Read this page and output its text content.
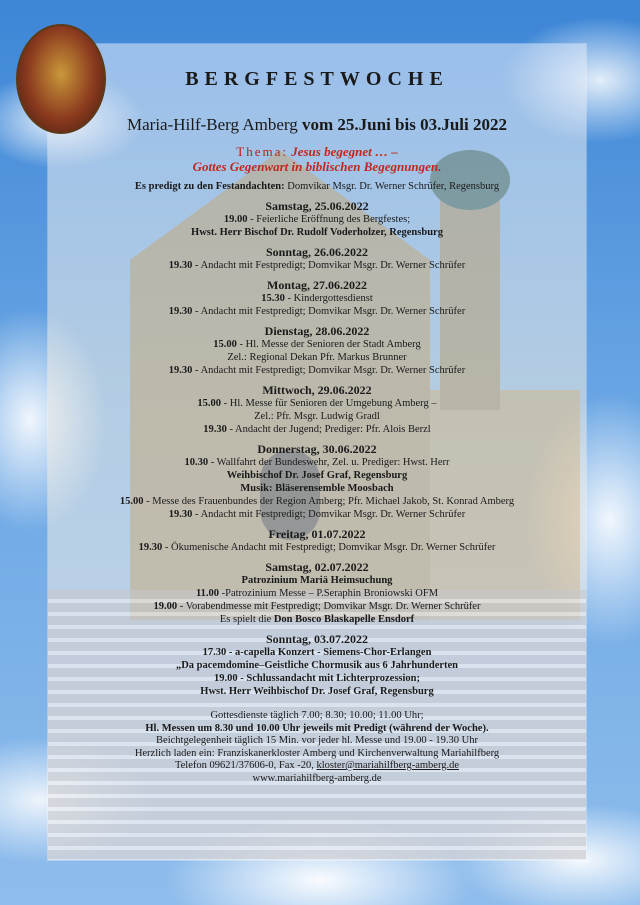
BERGFESTWOCHE
Maria-Hilf-Berg Amberg vom 25.Juni bis 03.Juli 2022
Thema: Jesus begegnet … –
Gottes Gegenwart in biblischen Begegnungen.
Es predigt zu den Festandachten: Domvikar Msgr. Dr. Werner Schrüfer, Regensburg
Samstag, 25.06.2022
19.00 - Feierliche Eröffnung des Bergfestes;
Hwst. Herr Bischof Dr. Rudolf Voderholzer, Regensburg
Sonntag, 26.06.2022
19.30 - Andacht mit Festpredigt; Domvikar Msgr. Dr. Werner Schrüfer
Montag, 27.06.2022
15.30 - Kindergottesdienst
19.30 - Andacht mit Festpredigt; Domvikar Msgr. Dr. Werner Schrüfer
Dienstag, 28.06.2022
15.00 - Hl. Messe der Senioren der Stadt Amberg
Zel.: Regional Dekan Pfr. Markus Brunner
19.30 - Andacht mit Festpredigt; Domvikar Msgr. Dr. Werner Schrüfer
Mittwoch, 29.06.2022
15.00 - Hl. Messe für Senioren der Umgebung Amberg –
Zel.: Pfr. Msgr. Ludwig Gradl
19.30 - Andacht der Jugend; Prediger: Pfr. Alois Berzl
Donnerstag, 30.06.2022
10.30 - Wallfahrt der Bundeswehr, Zel. u. Prediger: Hwst. Herr
Weihbischof Dr. Josef Graf, Regensburg
Musik: Bläserensemble Moosbach
15.00 - Messe des Frauenbundes der Region Amberg; Pfr. Michael Jakob, St. Konrad Amberg
19.30 - Andacht mit Festpredigt; Domvikar Msgr. Dr. Werner Schrüfer
Freitag, 01.07.2022
19.30 - Ökumenische Andacht mit Festpredigt; Domvikar Msgr. Dr. Werner Schrüfer
Samstag, 02.07.2022
Patrozinium Mariä Heimsuchung
11.00 -Patrozinium Messe – P.Seraphin Broniowski OFM
19.00 - Vorabendmesse mit Festpredigt; Domvikar Msgr. Dr. Werner Schrüfer
Es spielt die Don Bosco Blaskapelle Ensdorf
Sonntag, 03.07.2022
17.30 - a-capella Konzert - Siemens-Chor-Erlangen
„Da pacemdomine–Geistliche Chormusik aus 6 Jahrhunderten
19.00 - Schlussandacht mit Lichterprozession;
Hwst. Herr Weihbischof Dr. Josef Graf, Regensburg
Gottesdienste täglich 7.00; 8.30; 10.00; 11.00 Uhr;
Hl. Messen um 8.30 und 10.00 Uhr jeweils mit Predigt (während der Woche).
Beichtgelegenheit täglich 15 Min. vor jeder hl. Messe und 19.00 - 19.30 Uhr
Herzlich laden ein: Franziskanerkloster Amberg und Kirchenverwaltung Mariahilfberg
Telefon 09621/37606-0, Fax -20, kloster@mariahilfberg-amberg.de
www.mariahilfberg-amberg.de
